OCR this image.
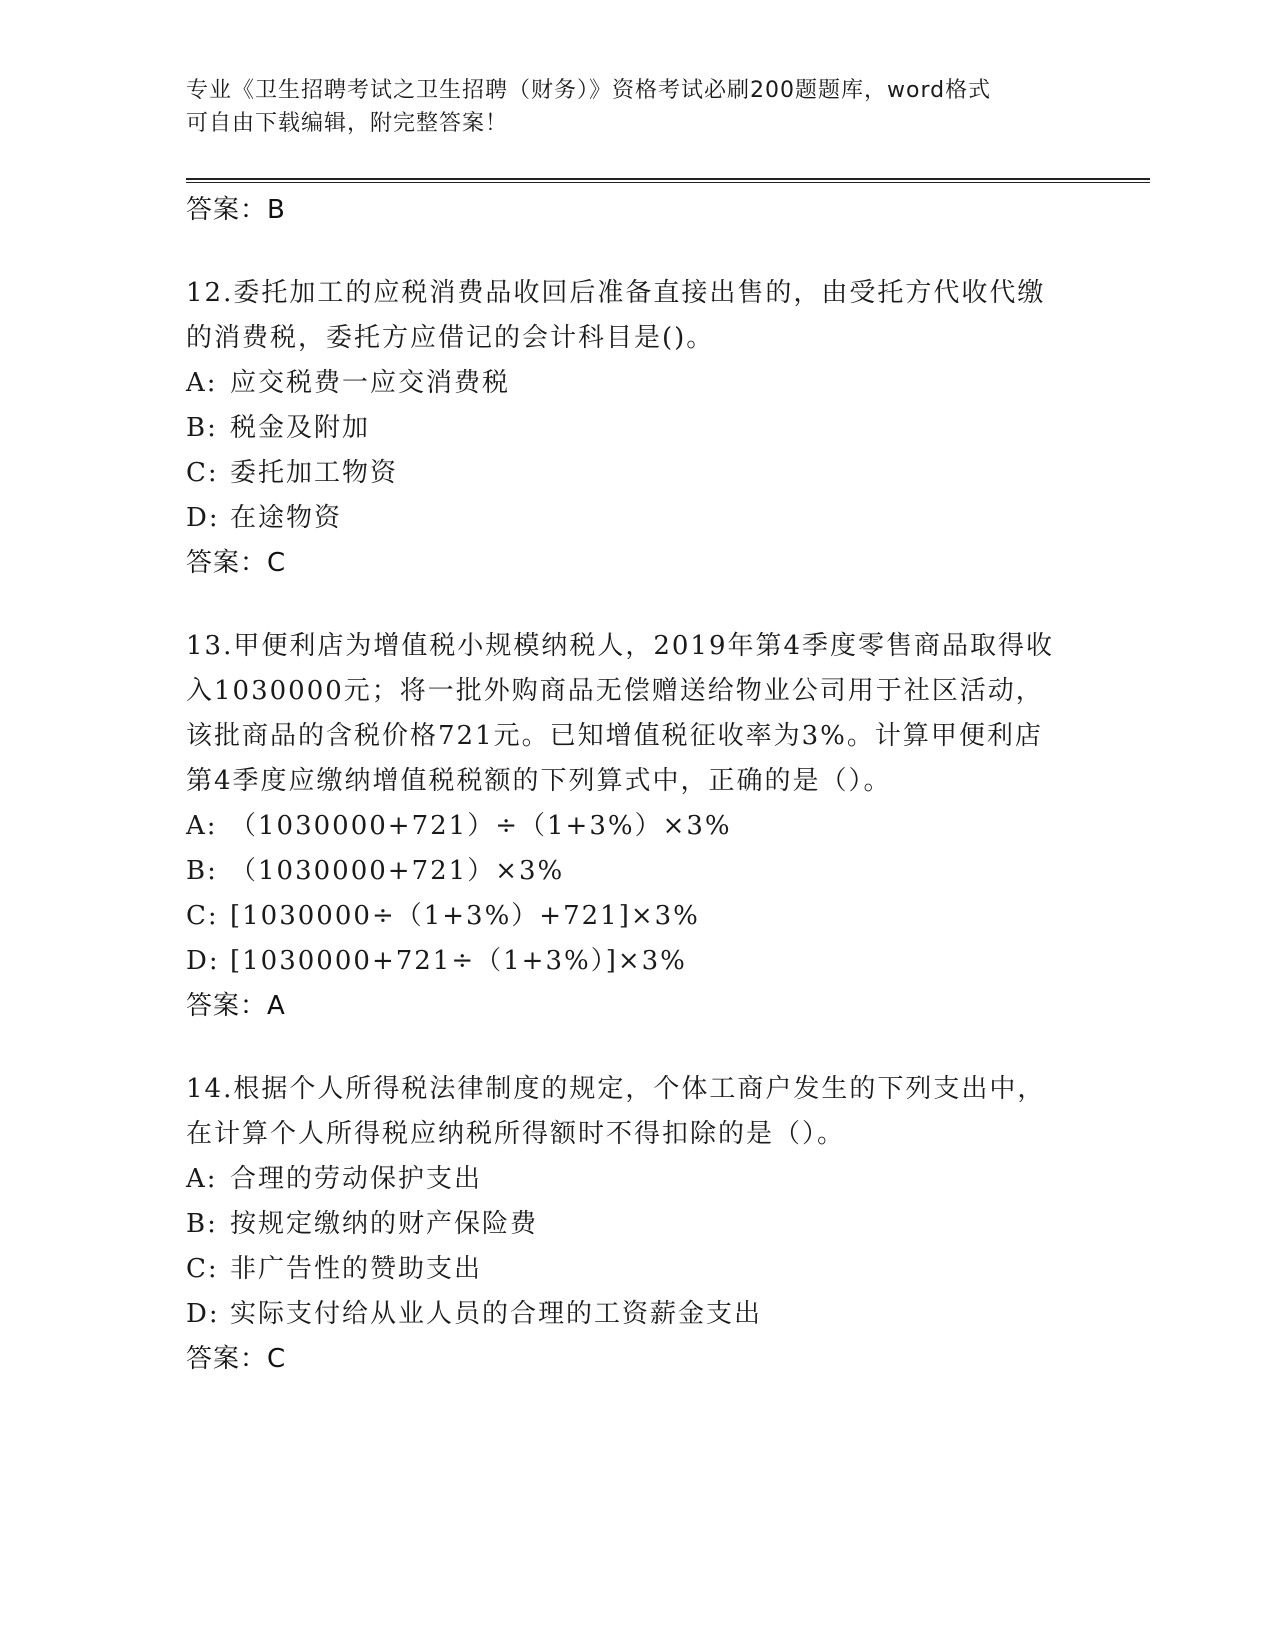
专业《卫生招聘考试之卫生招聘（财务）》资格考试必刷200题题库，word格式
可自由下载编辑，附完整答案！
答案：B

12.委托加工的应税消费品收回后准备直接出售的，由受托方代收代缴的消费税，委托方应借记的会计科目是()。

A: 应交税费一应交消费税

B: 税金及附加

C: 委托加工物资

D: 在途物资

答案：C

13.甲便利店为增值税小规模纳税人，2019年第4季度零售商品取得收入1030000元；将一批外购商品无偿赠送给物业公司用于社区活动，该批商品的含税价格721元。已知增值税征收率为3%。计算甲便利店第4季度应缴纳增值税税额的下列算式中，正确的是（）。

A: （1030000+721）÷（1+3%）×3%

B: （1030000+721）×3%

C: [1030000÷（1+3%）+721]×3%

D: [1030000+721÷（1+3%）]×3%

答案：A

14.根据个人所得税法律制度的规定，个体工商户发生的下列支出中，在计算个人所得税应纳税所得额时不得扣除的是（）。

A: 合理的劳动保护支出

B: 按规定缴纳的财产保险费

C: 非广告性的赞助支出

D: 实际支付给从业人员的合理的工资薪金支出

答案：C
